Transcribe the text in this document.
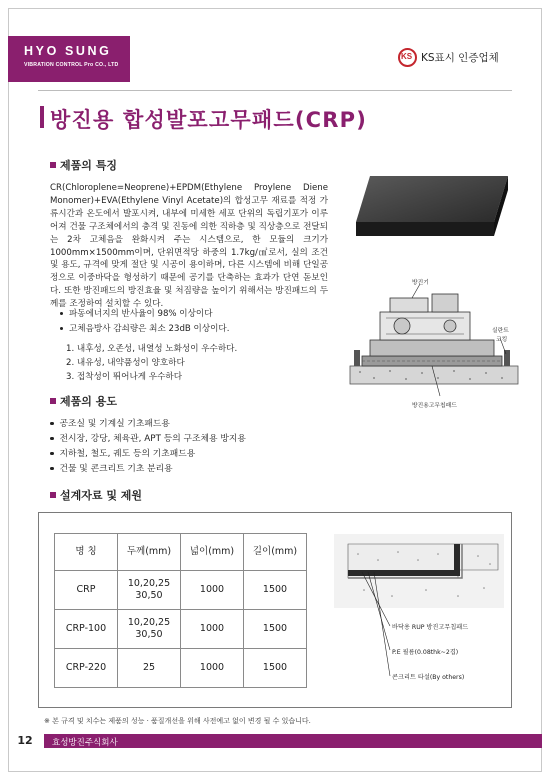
HYO SUNG
VIBRATION CONTROL Pro CO., LTD
KS KS표시 인증업체
방진용 합성발포고무패드(CRP)
제품의 특징
CR(Chloroplene=Neoprene)+EPDM(Ethylene Proylene Diene Monomer)+EVA(Ethylene Vinyl Acetate)의 합성고무 재료를 적정 가류시간과 온도에서 발포시켜, 내부에 미세한 세포 단위의 독립기포가 이루어져 건물 구조체에서의 충격 및 진동에 의한 직하층 및 직상층으로 전달되는 2차 고체음을 완화시켜 주는 시스템으로, 한 모듈의 크기가 1000mm×1500mm이며, 단위면적당 하중의 1.7kg/㎠로서, 실의 조건 및 용도, 규격에 맞게 절단 및 시공이 용이하며, 다른 시스템에 비해 단일공정으로 이중바닥을 형성하기 때문에 공기를 단축하는 효과가 단연 돋보인다. 또한 방진패드의 방진효율 및 처짐량을 높이기 위해서는 방진패드의 두께를 조정하여 설치할 수 있다.
파동에너지의 반사율이 98% 이상이다
고체음방사 감쇠량은 최소 23dB 이상이다.
1. 내후성, 오존성, 내열성 노화성이 우수하다.
2. 내유성, 내약품성이 양호하다
3. 접착성이 뛰어나게 우수하다
제품의 용도
공조실 및 기계실 기초패드용
전시장, 강당, 체육관, APT 등의 구조체용 방지용
지하철, 철도, 궤도 등의 기초패드용
건물 및 콘크리트 기초 분리용
방진기
실란트
코킹
방진용고무칩패드
설계자료 및 제원
명 칭	두께(mm)	넓이(mm)	길이(mm)
CRP	10,20,25
30,50	1000	1500
CRP-100	10,20,25
30,50	1000	1500
CRP-220	25	1000	1500
바닥용 RUP 방진고무칩패드
P.E 필름(0.08thk~2겹)
콘크리트 타설(By others)
※ 본 규격 및 치수는 제품의 성능 · 품질개선을 위해 사전예고 없이 변경 될 수 있습니다.
12	효성방진주식회사
